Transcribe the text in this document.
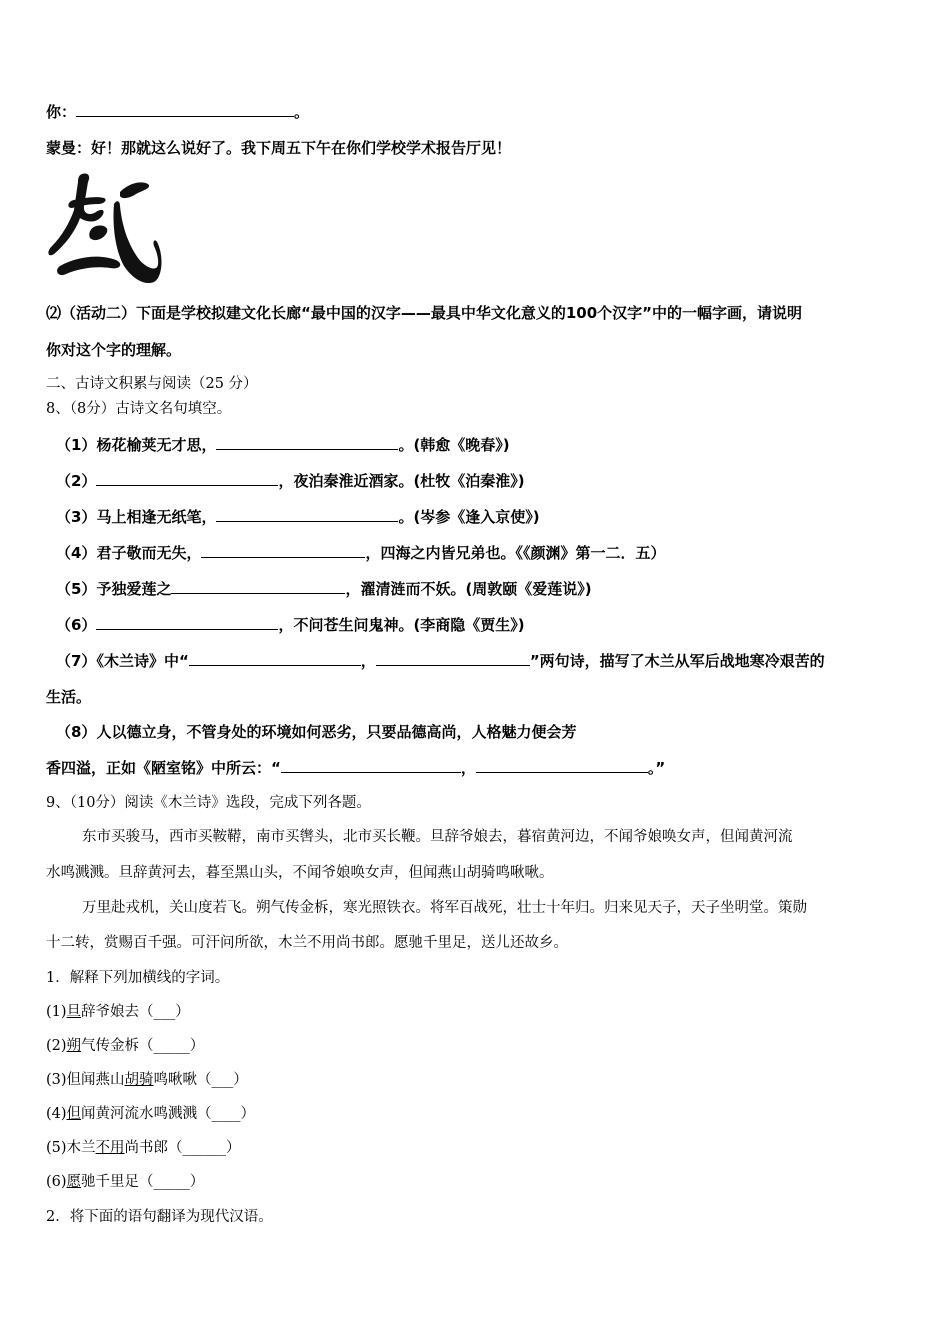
你：	。
蒙曼：好！那就这么说好了。我下周五下午在你们学校学术报告厅见！
⑵（活动二）下面是学校拟建文化长廊“最中国的汉字——最具中华文化意义的100个汉字”中的一幅字画，请说明
你对这个字的理解。
二、古诗文积累与阅读（25 分）
8、（8分）古诗文名句填空。
（1）杨花榆荚无才思，	。(韩愈《晚春》)
（2）	，夜泊秦淮近酒家。(杜牧《泊秦淮》)
（3）马上相逢无纸笔，	。(岑参《逢入京使》)
（4）君子敬而无失，	，四海之内皆兄弟也。《《颜渊》第一二．五）
（5）予独爱莲之	，濯清涟而不妖。(周敦颐《爱莲说》)
（6）	，不问苍生问鬼神。(李商隐《贾生》)
（7）《木兰诗》中“	，	”两句诗，描写了木兰从军后战地寒冷艰苦的
生活。
（8）人以德立身，不管身处的环境如何恶劣，只要品德高尚，人格魅力便会芳
香四溢，正如《陋室铭》中所云：“	，	。”
9、（10分）阅读《木兰诗》选段，完成下列各题。
东市买骏马，西市买鞍鞯，南市买辔头，北市买长鞭。旦辞爷娘去，暮宿黄河边，不闻爷娘唤女声，但闻黄河流
水鸣溅溅。旦辞黄河去，暮至黑山头，不闻爷娘唤女声，但闻燕山胡骑鸣啾啾。
万里赴戎机，关山度若飞。朔气传金柝，寒光照铁衣。将军百战死，壮士十年归。归来见天子，天子坐明堂。策勋
十二转，赏赐百千强。可汗问所欲，木兰不用尚书郎。愿驰千里足，送儿还故乡。
1．解释下列加横线的字词。
(1)旦辞爷娘去（___）
(2)朔气传金柝（_____）
(3)但闻燕山胡骑鸣啾啾（___）
(4)但闻黄河流水鸣溅溅（____）
(5)木兰不用尚书郎（______）
(6)愿驰千里足（_____）
2．将下面的语句翻译为现代汉语。
